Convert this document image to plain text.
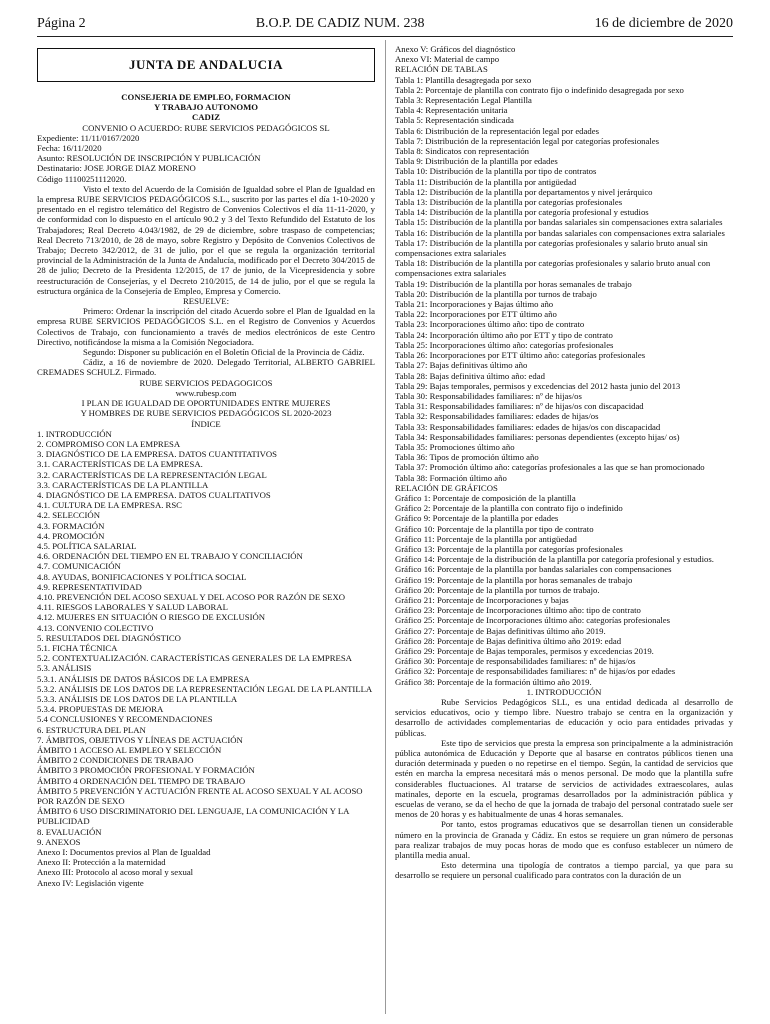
Página 2	B.O.P. DE CADIZ NUM. 238	16 de diciembre de 2020
JUNTA DE ANDALUCIA

CONSEJERIA DE EMPLEO, FORMACION

Y TRABAJO AUTONOMO

CADIZ

CONVENIO O ACUERDO: RUBE SERVICIOS PEDAGÓGICOS SL

Expediente: 11/11/0167/2020

Fecha: 16/11/2020

Asunto: RESOLUCIÓN DE INSCRIPCIÓN Y PUBLICACIÓN

Destinatario: JOSE JORGE DIAZ MORENO

Código 11100251112020.

Visto el texto del Acuerdo de la Comisión de Igualdad sobre el Plan de Igualdad en la empresa RUBE SERVICIOS PEDAGÓGICOS S.L., suscrito por las partes el día 1-10-2020 y presentado en el registro telemático del Registro de Convenios Colectivos el día 11-11-2020, y de conformidad con lo dispuesto en el artículo 90.2 y 3 del Texto Refundido del Estatuto de los Trabajadores; Real Decreto 4.043/1982, de 29 de diciembre, sobre traspaso de competencias; Real Decreto 713/2010, de 28 de mayo, sobre Registro y Depósito de Convenios Colectivos de Trabajo; Decreto 342/2012, de 31 de julio, por el que se regula la organización territorial provincial de la Administración de la Junta de Andalucía, modificado por el Decreto 304/2015 de 28 de julio; Decreto de la Presidenta 12/2015, de 17 de junio, de la Vicepresidencia y sobre reestructuración de Consejerías, y el Decreto 210/2015, de 14 de julio, por el que se regula la estructura orgánica de la Consejería de Empleo, Empresa y Comercio.

RESUELVE:

Primero: Ordenar la inscripción del citado Acuerdo sobre el Plan de Igualdad en la empresa RUBE SERVICIOS PEDAGÓGICOS S.L. en el Registro de Convenios y Acuerdos Colectivos de Trabajo, con funcionamiento a través de medios electrónicos de este Centro Directivo, notificándose la misma a la Comisión Negociadora.

Segundo: Disponer su publicación en el Boletín Oficial de la Provincia de Cádiz.

Cádiz, a 16 de noviembre de 2020. Delegado Territorial, ALBERTO GABRIEL CREMADES SCHULZ. Firmado.

RUBE SERVICIOS PEDAGOGICOS

www.rubesp.com

I PLAN DE IGUALDAD DE OPORTUNIDADES ENTRE MUJERES

Y HOMBRES DE RUBE SERVICIOS PEDAGÓGICOS SL 2020-2023

ÍNDICE

1. INTRODUCCIÓN

2. COMPROMISO CON LA EMPRESA

3. DIAGNÓSTICO DE LA EMPRESA. DATOS CUANTITATIVOS

3.1. CARACTERÍSTICAS DE LA EMPRESA.

3.2. CARACTERÍSTICAS DE LA REPRESENTACIÓN LEGAL

3.3. CARACTERÍSTICAS DE LA PLANTILLA

4. DIAGNÓSTICO DE LA EMPRESA. DATOS CUALITATIVOS

4.1. CULTURA DE LA EMPRESA. RSC

4.2. SELECCIÓN

4.3. FORMACIÓN

4.4. PROMOCIÓN

4.5. POLÍTICA SALARIAL

4.6. ORDENACIÓN DEL TIEMPO EN EL TRABAJO Y CONCILIACIÓN

4.7. COMUNICACIÓN

4.8. AYUDAS, BONIFICACIONES Y POLÍTICA SOCIAL

4.9. REPRESENTATIVIDAD

4.10. PREVENCIÓN DEL ACOSO SEXUAL Y DEL ACOSO POR RAZÓN DE SEXO

4.11. RIESGOS LABORALES Y SALUD LABORAL

4.12. MUJERES EN SITUACIÓN O RIESGO DE EXCLUSIÓN

4.13. CONVENIO COLECTIVO

5. RESULTADOS DEL DIAGNÓSTICO

5.1. FICHA TÉCNICA

5.2. CONTEXTUALIZACIÓN. CARACTERÍSTICAS GENERALES DE LA EMPRESA

5.3. ANÁLISIS

5.3.1. ANÁLISIS DE DATOS BÁSICOS DE LA EMPRESA

5.3.2. ANÁLISIS DE LOS DATOS DE LA REPRESENTACIÓN LEGAL DE LA PLANTILLA

5.3.3. ANÁLISIS DE LOS DATOS DE LA PLANTILLA

5.3.4. PROPUESTAS DE MEJORA

5.4 CONCLUSIONES Y RECOMENDACIONES

6. ESTRUCTURA DEL PLAN

7. ÁMBITOS, OBJETIVOS Y LÍNEAS DE ACTUACIÓN

ÁMBITO 1 ACCESO AL EMPLEO Y SELECCIÓN

ÁMBITO 2 CONDICIONES DE TRABAJO

ÁMBITO 3 PROMOCIÓN PROFESIONAL Y FORMACIÓN

ÁMBITO 4 ORDENACIÓN DEL TIEMPO DE TRABAJO

ÁMBITO 5 PREVENCIÓN Y ACTUACIÓN FRENTE AL ACOSO SEXUAL Y AL ACOSO POR RAZÓN DE SEXO

ÁMBITO 6 USO DISCRIMINATORIO DEL LENGUAJE, LA COMUNICACIÓN Y LA PUBLICIDAD

8. EVALUACIÓN

9. ANEXOS

Anexo I: Documentos previos al Plan de Igualdad

Anexo II: Protección a la maternidad

Anexo III: Protocolo al acoso moral y sexual

Anexo IV: Legislación vigente

Anexo V: Gráficos del diagnóstico

Anexo VI: Material de campo

RELACIÓN DE TABLAS

Tabla 1: Plantilla desagregada por sexo

Tabla 2: Porcentaje de plantilla con contrato fijo o indefinido desagregada por sexo

Tabla 3: Representación Legal Plantilla

Tabla 4: Representación unitaria

Tabla 5: Representación sindicada

Tabla 6: Distribución de la representación legal por edades

Tabla 7: Distribución de la representación legal por categorías profesionales

Tabla 8: Sindicatos con representación

Tabla 9: Distribución de la plantilla por edades

Tabla 10: Distribución de la plantilla por tipo de contratos

Tabla 11: Distribución de la plantilla por antigüedad

Tabla 12: Distribución de la plantilla por departamentos y nivel jerárquico

Tabla 13: Distribución de la plantilla por categorías profesionales

Tabla 14: Distribución de la plantilla por categoría profesional y estudios

Tabla 15: Distribución de la plantilla por bandas salariales sin compensaciones extra salariales

Tabla 16: Distribución de la plantilla por bandas salariales con compensaciones extra salariales

Tabla 17: Distribución de la plantilla por categorías profesionales y salario bruto anual sin compensaciones extra salariales

Tabla 18: Distribución de la plantilla por categorías profesionales y salario bruto anual con compensaciones extra salariales

Tabla 19: Distribución de la plantilla por horas semanales de trabajo

Tabla 20: Distribución de la plantilla por turnos de trabajo

Tabla 21: Incorporaciones y Bajas último año

Tabla 22: Incorporaciones por ETT último año

Tabla 23: Incorporaciones último año: tipo de contrato

Tabla 24: Incorporación último año por ETT y tipo de contrato

Tabla 25: Incorporaciones último año: categorías profesionales

Tabla 26: Incorporaciones por ETT último año: categorías profesionales

Tabla 27: Bajas definitivas último año

Tabla 28: Bajas definitiva último año: edad

Tabla 29: Bajas temporales, permisos y excedencias del 2012 hasta junio del 2013

Tabla 30: Responsabilidades familiares: nº de hijas/os

Tabla 31: Responsabilidades familiares: nº de hijas/os con discapacidad

Tabla 32: Responsabilidades familiares: edades de hijas/os

Tabla 33: Responsabilidades familiares: edades de hijas/os con discapacidad

Tabla 34: Responsabilidades familiares: personas dependientes (excepto hijas/ os)

Tabla 35: Promociones último año

Tabla 36: Tipos de promoción último año

Tabla 37: Promoción último año: categorías profesionales a las que se han promocionado

Tabla 38: Formación último año

RELACIÓN DE GRÁFICOS

Gráfico 1: Porcentaje de composición de la plantilla

Gráfico 2: Porcentaje de la plantilla con contrato fijo o indefinido

Gráfico 9: Porcentaje de la plantilla por edades

Gráfico 10: Porcentaje de la plantilla por tipo de contrato

Gráfico 11: Porcentaje de la plantilla por antigüedad

Gráfico 13: Porcentaje de la plantilla por categorías profesionales

Gráfico 14: Porcentaje de la distribución de la plantilla por categoría profesional y estudios.

Gráfico 16: Porcentaje de la plantilla por bandas salariales con compensaciones

Gráfico 19: Porcentaje de la plantilla por horas semanales de trabajo

Gráfico 20: Porcentaje de la plantilla por turnos de trabajo.

Gráfico 21: Porcentaje de Incorporaciones y bajas

Gráfico 23: Porcentaje de Incorporaciones último año: tipo de contrato

Gráfico 25: Porcentaje de Incorporaciones último año: categorías profesionales

Gráfico 27: Porcentaje de Bajas definitivas último año 2019.

Gráfico 28: Porcentaje de Bajas definitiva último año 2019: edad

Gráfico 29: Porcentaje de Bajas temporales, permisos y excedencias 2019.

Gráfico 30: Porcentaje de responsabilidades familiares: nº de hijas/os

Gráfico 32: Porcentaje de responsabilidades familiares: nº de hijas/os por edades

Gráfico 38: Porcentaje de la formación último año 2019.

1. INTRODUCCIÓN

Rube Servicios Pedagógicos SLL, es una entidad dedicada al desarrollo de servicios educativos, ocio y tiempo libre. Nuestro trabajo se centra en la organización y desarrollo de actividades complementarias de educación y ocio para entidades privadas y públicas.

Este tipo de servicios que presta la empresa son principalmente a la administración pública autonómica de Educación y Deporte que al basarse en contratos públicos tienen una duración determinada y pueden o no repetirse en el tiempo. Según, la cantidad de servicios que estén en marcha la empresa necesitará más o menos personal. De modo que la plantilla sufre considerables fluctuaciones. Al tratarse de servicios de actividades extraescolares, aulas matinales, deporte en la escuela, programas desarrollados por la administración pública y escuelas de verano, se da el hecho de que la jornada de trabajo del personal contratado suele ser menos de 20 horas y es habitualmente de unas 4 horas semanales.

Por tanto, estos programas educativos que se desarrollan tienen un considerable número en la provincia de Granada y Cádiz. En estos se requiere un gran número de personas para realizar trabajos de muy pocas horas de modo que es confuso establecer un número de plantilla media anual.

Esto determina una tipología de contratos a tiempo parcial, ya que para su desarrollo se requiere un personal cualificado para contratos con la duración de un
